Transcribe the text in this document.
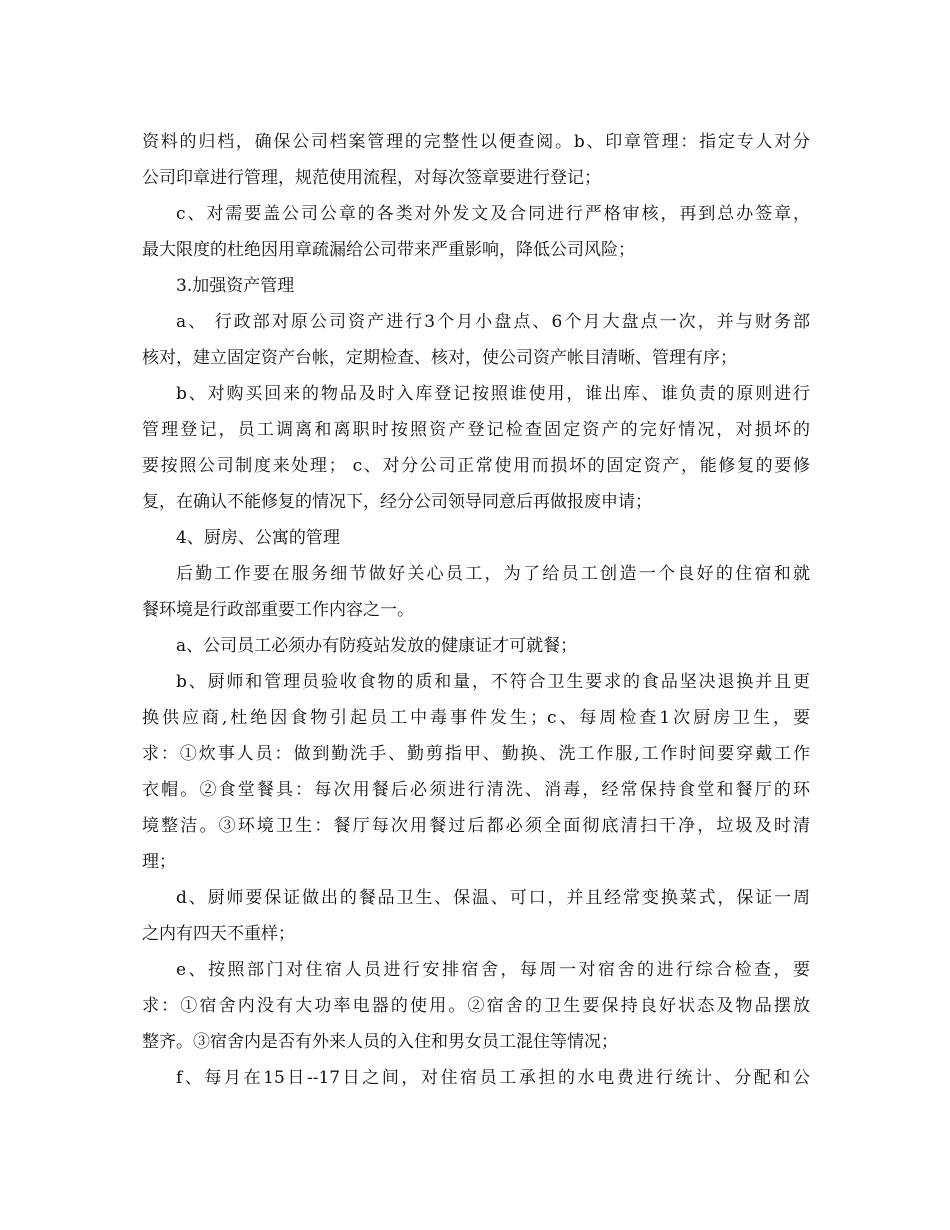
资料的归档，确保公司档案管理的完整性以便查阅。b、印章管理：指定专人对分
公司印章进行管理，规范使用流程，对每次签章要进行登记；
c、对需要盖公司公章的各类对外发文及合同进行严格审核，再到总办签章，
最大限度的杜绝因用章疏漏给公司带来严重影响，降低公司风险；
3.加强资产管理
a、 行政部对原公司资产进行3个月小盘点、6个月大盘点一次，并与财务部
核对，建立固定资产台帐，定期检查、核对，使公司资产帐目清晰、管理有序；
b、对购买回来的物品及时入库登记按照谁使用，谁出库、谁负责的原则进行
管理登记，员工调离和离职时按照资产登记检查固定资产的完好情况，对损坏的
要按照公司制度来处理； c、对分公司正常使用而损坏的固定资产，能修复的要修
复，在确认不能修复的情况下，经分公司领导同意后再做报废申请；
4、厨房、公寓的管理
后勤工作要在服务细节做好关心员工，为了给员工创造一个良好的住宿和就
餐环境是行政部重要工作内容之一。
a、公司员工必须办有防疫站发放的健康证才可就餐；
b、厨师和管理员验收食物的质和量，不符合卫生要求的食品坚决退换并且更
换供应商,杜绝因食物引起员工中毒事件发生；c、每周检查1次厨房卫生，要
求：①炊事人员：做到勤洗手、勤剪指甲、勤换、洗工作服,工作时间要穿戴工作
衣帽。②食堂餐具：每次用餐后必须进行清洗、消毒，经常保持食堂和餐厅的环
境整洁。③环境卫生：餐厅每次用餐过后都必须全面彻底清扫干净，垃圾及时清
理；
d、厨师要保证做出的餐品卫生、保温、可口，并且经常变换菜式，保证一周
之内有四天不重样；
e、按照部门对住宿人员进行安排宿舍，每周一对宿舍的进行综合检查，要
求：①宿舍内没有大功率电器的使用。②宿舍的卫生要保持良好状态及物品摆放
整齐。③宿舍内是否有外来人员的入住和男女员工混住等情况；
f、每月在15日--17日之间，对住宿员工承担的水电费进行统计、分配和公
